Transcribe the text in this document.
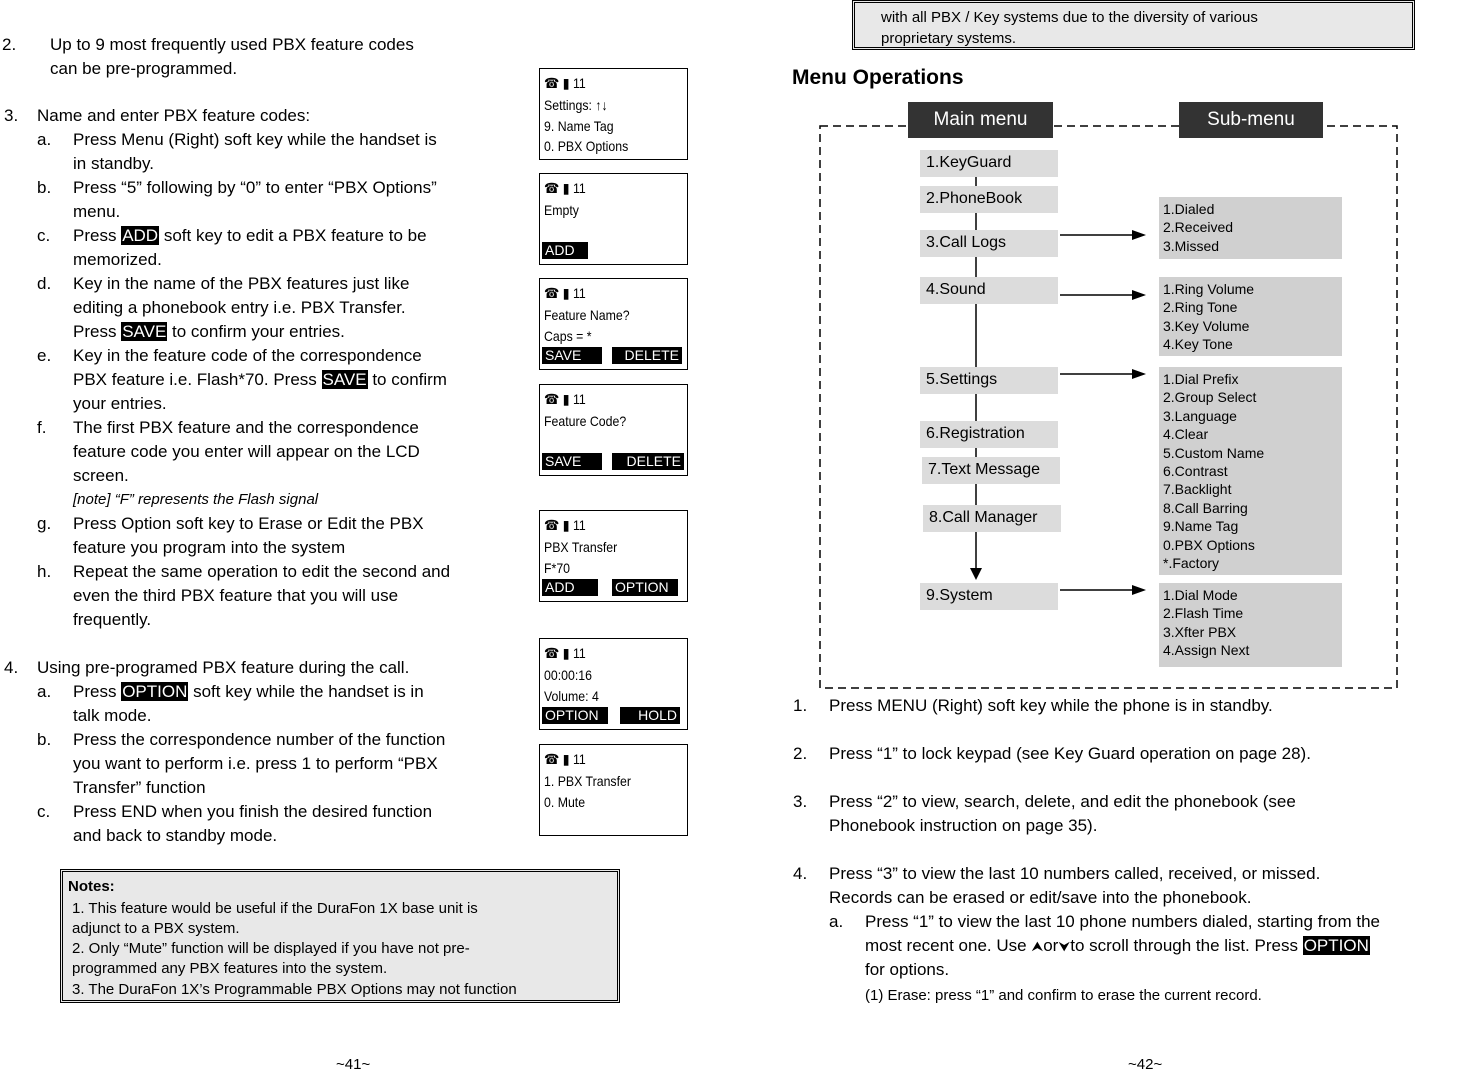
2. Up to 9 most frequently used PBX feature codes
can be pre-programmed.
3. Name and enter PBX feature codes:
a. Press Menu (Right) soft key while the handset is
in standby.
b. Press “5” following by “0” to enter “PBX Options”
menu.
c. Press ADD soft key to edit a PBX feature to be
memorized.
d. Key in the name of the PBX features just like
editing a phonebook entry i.e. PBX Transfer.
Press SAVE to confirm your entries.
e. Key in the feature code of the correspondence
PBX feature i.e. Flash*70. Press SAVE to confirm
your entries.
f. The first PBX feature and the correspondence
feature code you enter will appear on the LCD
screen.
[note] “F” represents the Flash signal
g. Press Option soft key to Erase or Edit the PBX
feature you program into the system
h. Repeat the same operation to edit the second and
even the third PBX feature that you will use
frequently.
4. Using pre-programed PBX feature during the call.
a. Press OPTION soft key while the handset is in
talk mode.
b. Press the correspondence number of the function
you want to perform i.e. press 1 to perform “PBX
Transfer” function
c. Press END when you finish the desired function
and back to standby mode.
☎ ▮ 11
Settings: ↑↓
9. Name Tag
0. PBX Options
☎ ▮ 11
Empty
ADD
☎ ▮ 11
Feature Name?
Caps = *
SAVE	DELETE
☎ ▮ 11
Feature Code?
SAVE	DELETE
☎ ▮ 11
PBX Transfer
F*70
ADD	OPTION
☎ ▮ 11
00:00:16
Volume: 4
OPTION	HOLD
☎ ▮ 11
1. PBX Transfer
0. Mute
Notes:
1. This feature would be useful if the DuraFon 1X base unit is
adjunct to a PBX system.
2. Only “Mute” function will be displayed if you have not pre-
programmed any PBX features into the system.
3. The DuraFon 1X’s Programmable PBX Options may not function
~41~
with all PBX / Key systems due to the diversity of various
proprietary systems.
Menu Operations
Main menu	Sub-menu
1.KeyGuard
2.PhoneBook
3.Call Logs
4.Sound
5.Settings
6.Registration
7.Text Message
8.Call Manager
9.System
1.Dialed
2.Received
3.Missed
1.Ring Volume
2.Ring Tone
3.Key Volume
4.Key Tone
1.Dial Prefix
2.Group Select
3.Language
4.Clear
5.Custom Name
6.Contrast
7.Backlight
8.Call Barring
9.Name Tag
0.PBX Options
*.Factory
1.Dial Mode
2.Flash Time
3.Xfter PBX
4.Assign Next
1. Press MENU (Right) soft key while the phone is in standby.
2. Press “1” to lock keypad (see Key Guard operation on page 28).
3. Press “2” to view, search, delete, and edit the phonebook (see
Phonebook instruction on page 35).
4. Press “3” to view the last 10 numbers called, received, or missed.
Records can be erased or edit/save into the phonebook.
a. Press “1” to view the last 10 phone numbers dialed, starting from the
most recent one. Use ⮝or⮟to scroll through the list. Press OPTION
for options.
(1) Erase: press “1” and confirm to erase the current record.
~42~
